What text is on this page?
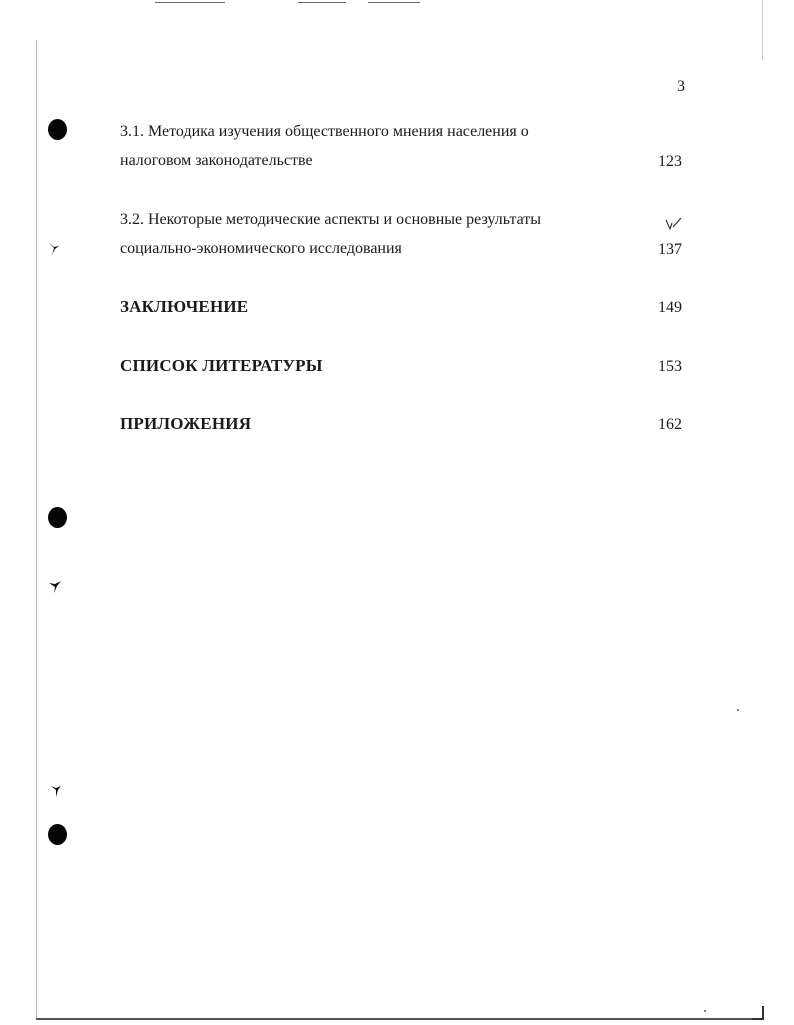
3
3.1. Методика изучения общественного мнения населения о
налоговом законодательстве	123
3.2. Некоторые методические аспекты и основные результаты
социально-экономического исследования	137
ЗАКЛЮЧЕНИЕ	149
СПИСОК ЛИТЕРАТУРЫ	153
ПРИЛОЖЕНИЯ	162
